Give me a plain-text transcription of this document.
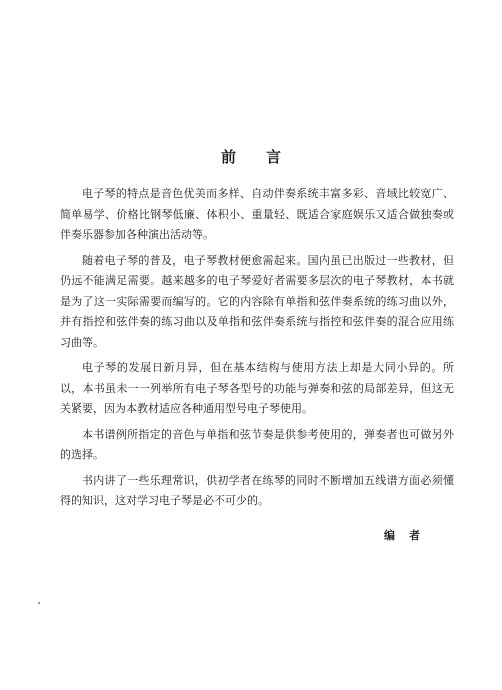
前言

电子琴的特点是音色优美而多样、自动伴奏系统丰富多彩、音域比较宽广、简单易学、价格比钢琴低廉、体积小、重量轻、既适合家庭娱乐又适合做独奏或伴奏乐器参加各种演出活动等。

随着电子琴的普及，电子琴教材便愈需起来。国内虽已出版过一些教材，但仍远不能满足需要。越来越多的电子琴爱好者需要多层次的电子琴教材，本书就是为了这一实际需要而编写的。它的内容除有单指和弦伴奏系统的练习曲以外，并有指控和弦伴奏的练习曲以及单指和弦伴奏系统与指控和弦伴奏的混合应用练习曲等。

电子琴的发展日新月异，但在基本结构与使用方法上却是大同小异的。所以，本书虽未一一列举所有电子琴各型号的功能与弹奏和弦的局部差异，但这无关紧要，因为本教材适应各种通用型号电子琴使用。

本书谱例所指定的音色与单指和弦节奏是供参考使用的，弹奏者也可做另外的选择。

书内讲了一些乐理常识，供初学者在练琴的同时不断增加五线谱方面必须懂得的知识，这对学习电子琴是必不可少的。

编者
